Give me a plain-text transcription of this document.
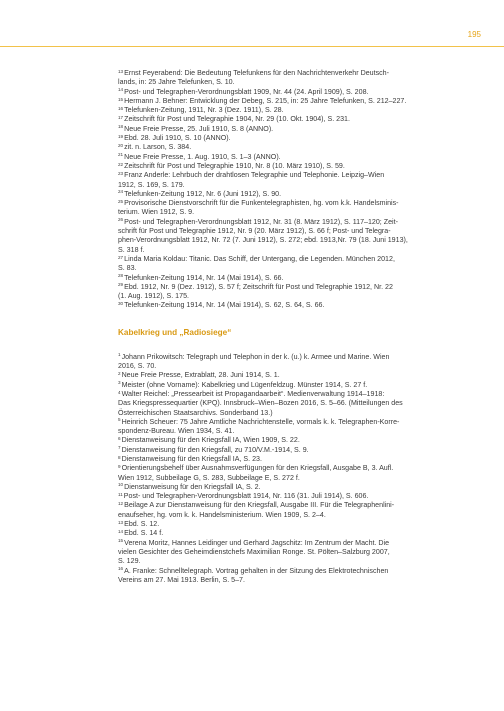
195

$^{13}$Ernst Feyerabend: Die Bedeutung Telefunkens für den Nachrichtenverkehr Deutsch-

lands, in: 25 Jahre Telefunken, S. 10.

$^{14}$Post- und Telegraphen-Verordnungsblatt 1909, Nr. 44 (24. April 1909), S. 208.

$^{15}$Hermann J. Behner: Entwicklung der Debeg, S. 215, in: 25 Jahre Telefunken, S. 212–227.

$^{16}$Telefunken-Zeitung, 1911, Nr. 3 (Dez. 1911), S. 28.

$^{17}$Zeitschrift für Post und Telegraphie 1904, Nr. 29 (10. Okt. 1904), S. 231.

$^{18}$Neue Freie Presse, 25. Juli 1910, S. 8 (ANNO).

$^{19}$Ebd. 28. Juli 1910, S. 10 (ANNO).

$^{20}$zit. n. Larson, S. 384.

$^{21}$Neue Freie Presse, 1. Aug. 1910, S. 1–3 (ANNO).

$^{22}$Zeitschrift für Post und Telegraphie 1910, Nr. 8 (10. März 1910), S. 59.

$^{23}$Franz Anderle: Lehrbuch der drahtlosen Telegraphie und Telephonie. Leipzig–Wien

1912, S. 169, S. 179.

$^{24}$Telefunken-Zeitung 1912, Nr. 6 (Juni 1912), S. 90.

$^{25}$Provisorische Dienstvorschrift für die Funkentelegraphisten, hg. vom k.k. Handelsminis-

terium. Wien 1912, S. 9.

$^{26}$Post- und Telegraphen-Verordnungsblatt 1912, Nr. 31 (8. März 1912), S. 117–120; Zeit-

schrift für Post und Telegraphie 1912, Nr. 9 (20. März 1912), S. 66 f; Post- und Telegra-

phen-Verordnungsblatt 1912, Nr. 72 (7. Juni 1912), S. 272; ebd. 1913,Nr. 79 (18. Juni 1913),

S. 318 f.

$^{27}$Linda Maria Koldau: Titanic. Das Schiff, der Untergang, die Legenden. München 2012,

S. 83.

$^{28}$Telefunken-Zeitung 1914, Nr. 14 (Mai 1914), S. 66.

$^{29}$Ebd. 1912, Nr. 9 (Dez. 1912), S. 57 f; Zeitschrift für Post und Telegraphie 1912, Nr. 22

(1. Aug. 1912), S. 175.

$^{30}$Telefunken-Zeitung 1914, Nr. 14 (Mai 1914), S. 62, S. 64, S. 66.

Kabelkrieg und „Radiosiege“

$^1$Johann Prikowitsch: Telegraph und Telephon in der k. (u.) k. Armee und Marine. Wien

2016, S. 70.

$^2$Neue Freie Presse, Extrablatt, 28. Juni 1914, S. 1.

$^3$Meister (ohne Vorname): Kabelkrieg und Lügenfeldzug. Münster 1914, S. 27 f.

$^4$Walter Reichel: „Pressearbeit ist Propagandaarbeit“. Medienverwaltung 1914–1918:

Das Kriegspressequartier (KPQ). Innsbruck–Wien–Bozen 2016, S. 5–66. (Mitteilungen des

Österreichischen Staatsarchivs. Sonderband 13.)

$^5$Heinrich Scheuer: 75 Jahre Amtliche Nachrichtenstelle, vormals k. k. Telegraphen-Korre-

spondenz-Bureau. Wien 1934, S. 41.

$^6$Dienstanweisung für den Kriegsfall IA, Wien 1909, S. 22.

$^7$Dienstanweisung für den Kriegsfall, zu 710/V.M.-1914, S. 9.

$^8$Dienstanweisung für den Kriegsfall IA, S. 23.

$^9$Orientierungsbehelf über Ausnahmsverfügungen für den Kriegsfall, Ausgabe B, 3. Aufl.

Wien 1912, Subbeilage G, S. 283, Subbeilage E, S. 272 f.

$^{10}$Dienstanweisung für den Kriegsfall IA, S. 2.

$^{11}$Post- und Telegraphen-Verordnungsblatt 1914, Nr. 116 (31. Juli 1914), S. 606.

$^{12}$Beilage A zur Dienstanweisung für den Kriegsfall, Ausgabe III. Für die Telegraphenlini-

enaufseher, hg. vom k. k. Handelsministerium. Wien 1909, S. 2–4.

$^{13}$Ebd. S. 12.

$^{14}$Ebd. S. 14 f.

$^{15}$Verena Moritz, Hannes Leidinger und Gerhard Jagschitz: Im Zentrum der Macht. Die

vielen Gesichter des Geheimdienstchefs Maximilian Ronge. St. Pölten–Salzburg 2007,

S. 129.

$^{16}$A. Franke: Schnelltelegraph. Vortrag gehalten in der Sitzung des Elektrotechnischen

Vereins am 27. Mai 1913. Berlin, S. 5–7.
